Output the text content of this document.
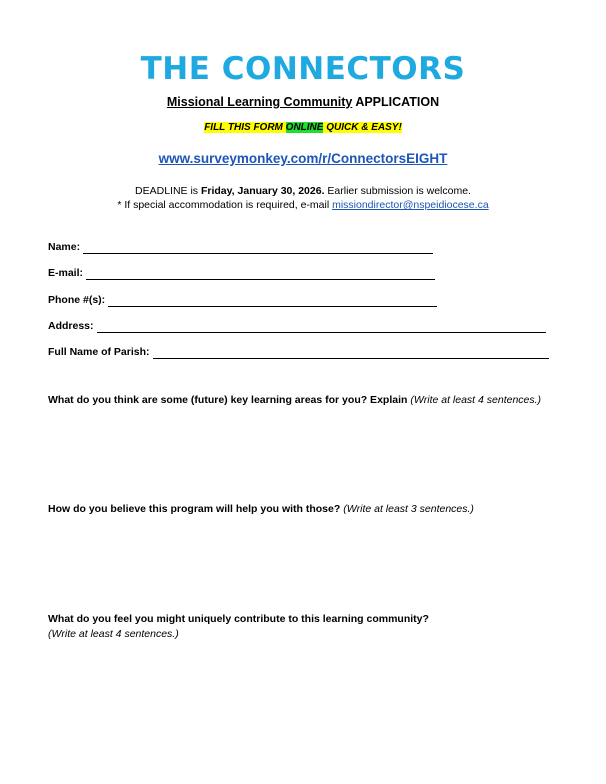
THE CONNECTORS
Missional Learning Community APPLICATION
FILL THIS FORM ONLINE QUICK & EASY!
www.surveymonkey.com/r/ConnectorsEIGHT
DEADLINE is Friday, January 30, 2026. Earlier submission is welcome.
* If special accommodation is required, e-mail missiondirector@nspeidiocese.ca
Name:
E-mail:
Phone #(s):
Address:
Full Name of Parish:
What do you think are some (future) key learning areas for you? Explain (Write at least 4 sentences.)
How do you believe this program will help you with those? (Write at least 3 sentences.)
What do you feel you might uniquely contribute to this learning community?
(Write at least 4 sentences.)
